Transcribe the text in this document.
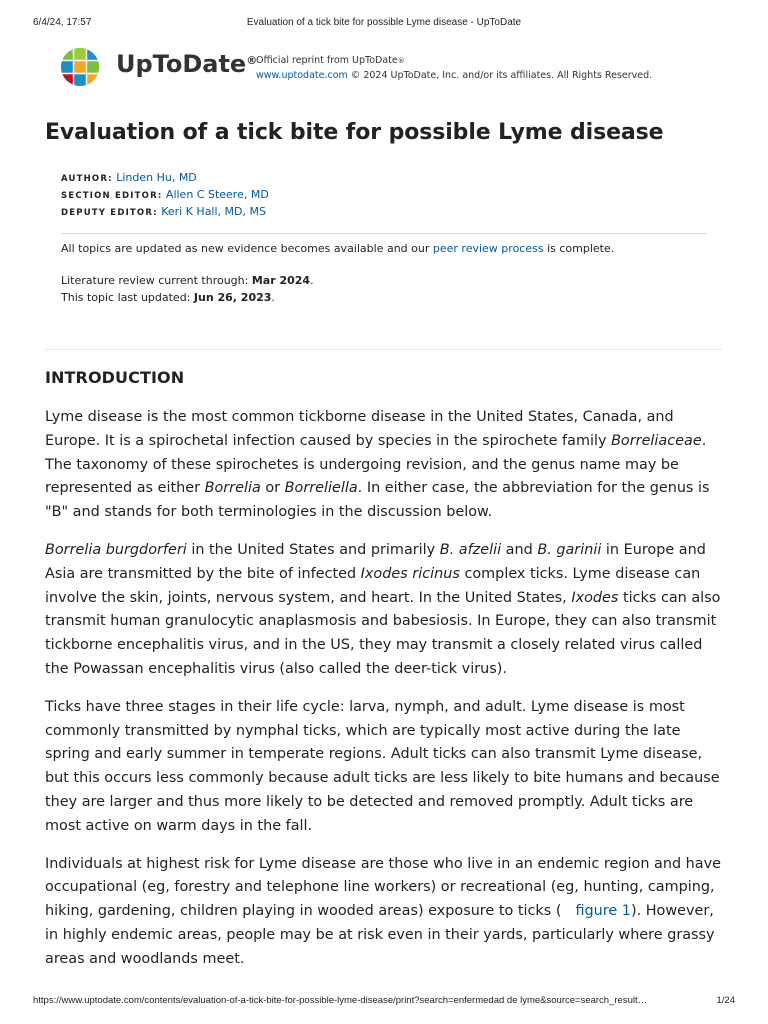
6/4/24, 17:57	Evaluation of a tick bite for possible Lyme disease - UpToDate
UpToDate®
Official reprint from UpToDate®
www.uptodate.com © 2024 UpToDate, Inc. and/or its affiliates. All Rights Reserved.
Evaluation of a tick bite for possible Lyme disease
AUTHOR: Linden Hu, MD
SECTION EDITOR: Allen C Steere, MD
DEPUTY EDITOR: Keri K Hall, MD, MS
All topics are updated as new evidence becomes available and our peer review process is complete.
Literature review current through: Mar 2024.
This topic last updated: Jun 26, 2023.
INTRODUCTION

Lyme disease is the most common tickborne disease in the United States, Canada, and Europe. It is a spirochetal infection caused by species in the spirochete family Borreliaceae. The taxonomy of these spirochetes is undergoing revision, and the genus name may be represented as either Borrelia or Borreliella. In either case, the abbreviation for the genus is "B" and stands for both terminologies in the discussion below.

Borrelia burgdorferi in the United States and primarily B. afzelii and B. garinii in Europe and Asia are transmitted by the bite of infected Ixodes ricinus complex ticks. Lyme disease can involve the skin, joints, nervous system, and heart. In the United States, Ixodes ticks can also transmit human granulocytic anaplasmosis and babesiosis. In Europe, they can also transmit tickborne encephalitis virus, and in the US, they may transmit a closely related virus called the Powassan encephalitis virus (also called the deer-tick virus).

Ticks have three stages in their life cycle: larva, nymph, and adult. Lyme disease is most commonly transmitted by nymphal ticks, which are typically most active during the late spring and early summer in temperate regions. Adult ticks can also transmit Lyme disease, but this occurs less commonly because adult ticks are less likely to bite humans and because they are larger and thus more likely to be detected and removed promptly. Adult ticks are most active on warm days in the fall.

Individuals at highest risk for Lyme disease are those who live in an endemic region and have occupational (eg, forestry and telephone line workers) or recreational (eg, hunting, camping, hiking, gardening, children playing in wooded areas) exposure to ticks ( figure 1). However, in highly endemic areas, people may be at risk even in their yards, particularly where grassy areas and woodlands meet.

https://www.uptodate.com/contents/evaluation-of-a-tick-bite-for-possible-lyme-disease/print?search=enfermedad de lyme&source=search_result…	1/24
